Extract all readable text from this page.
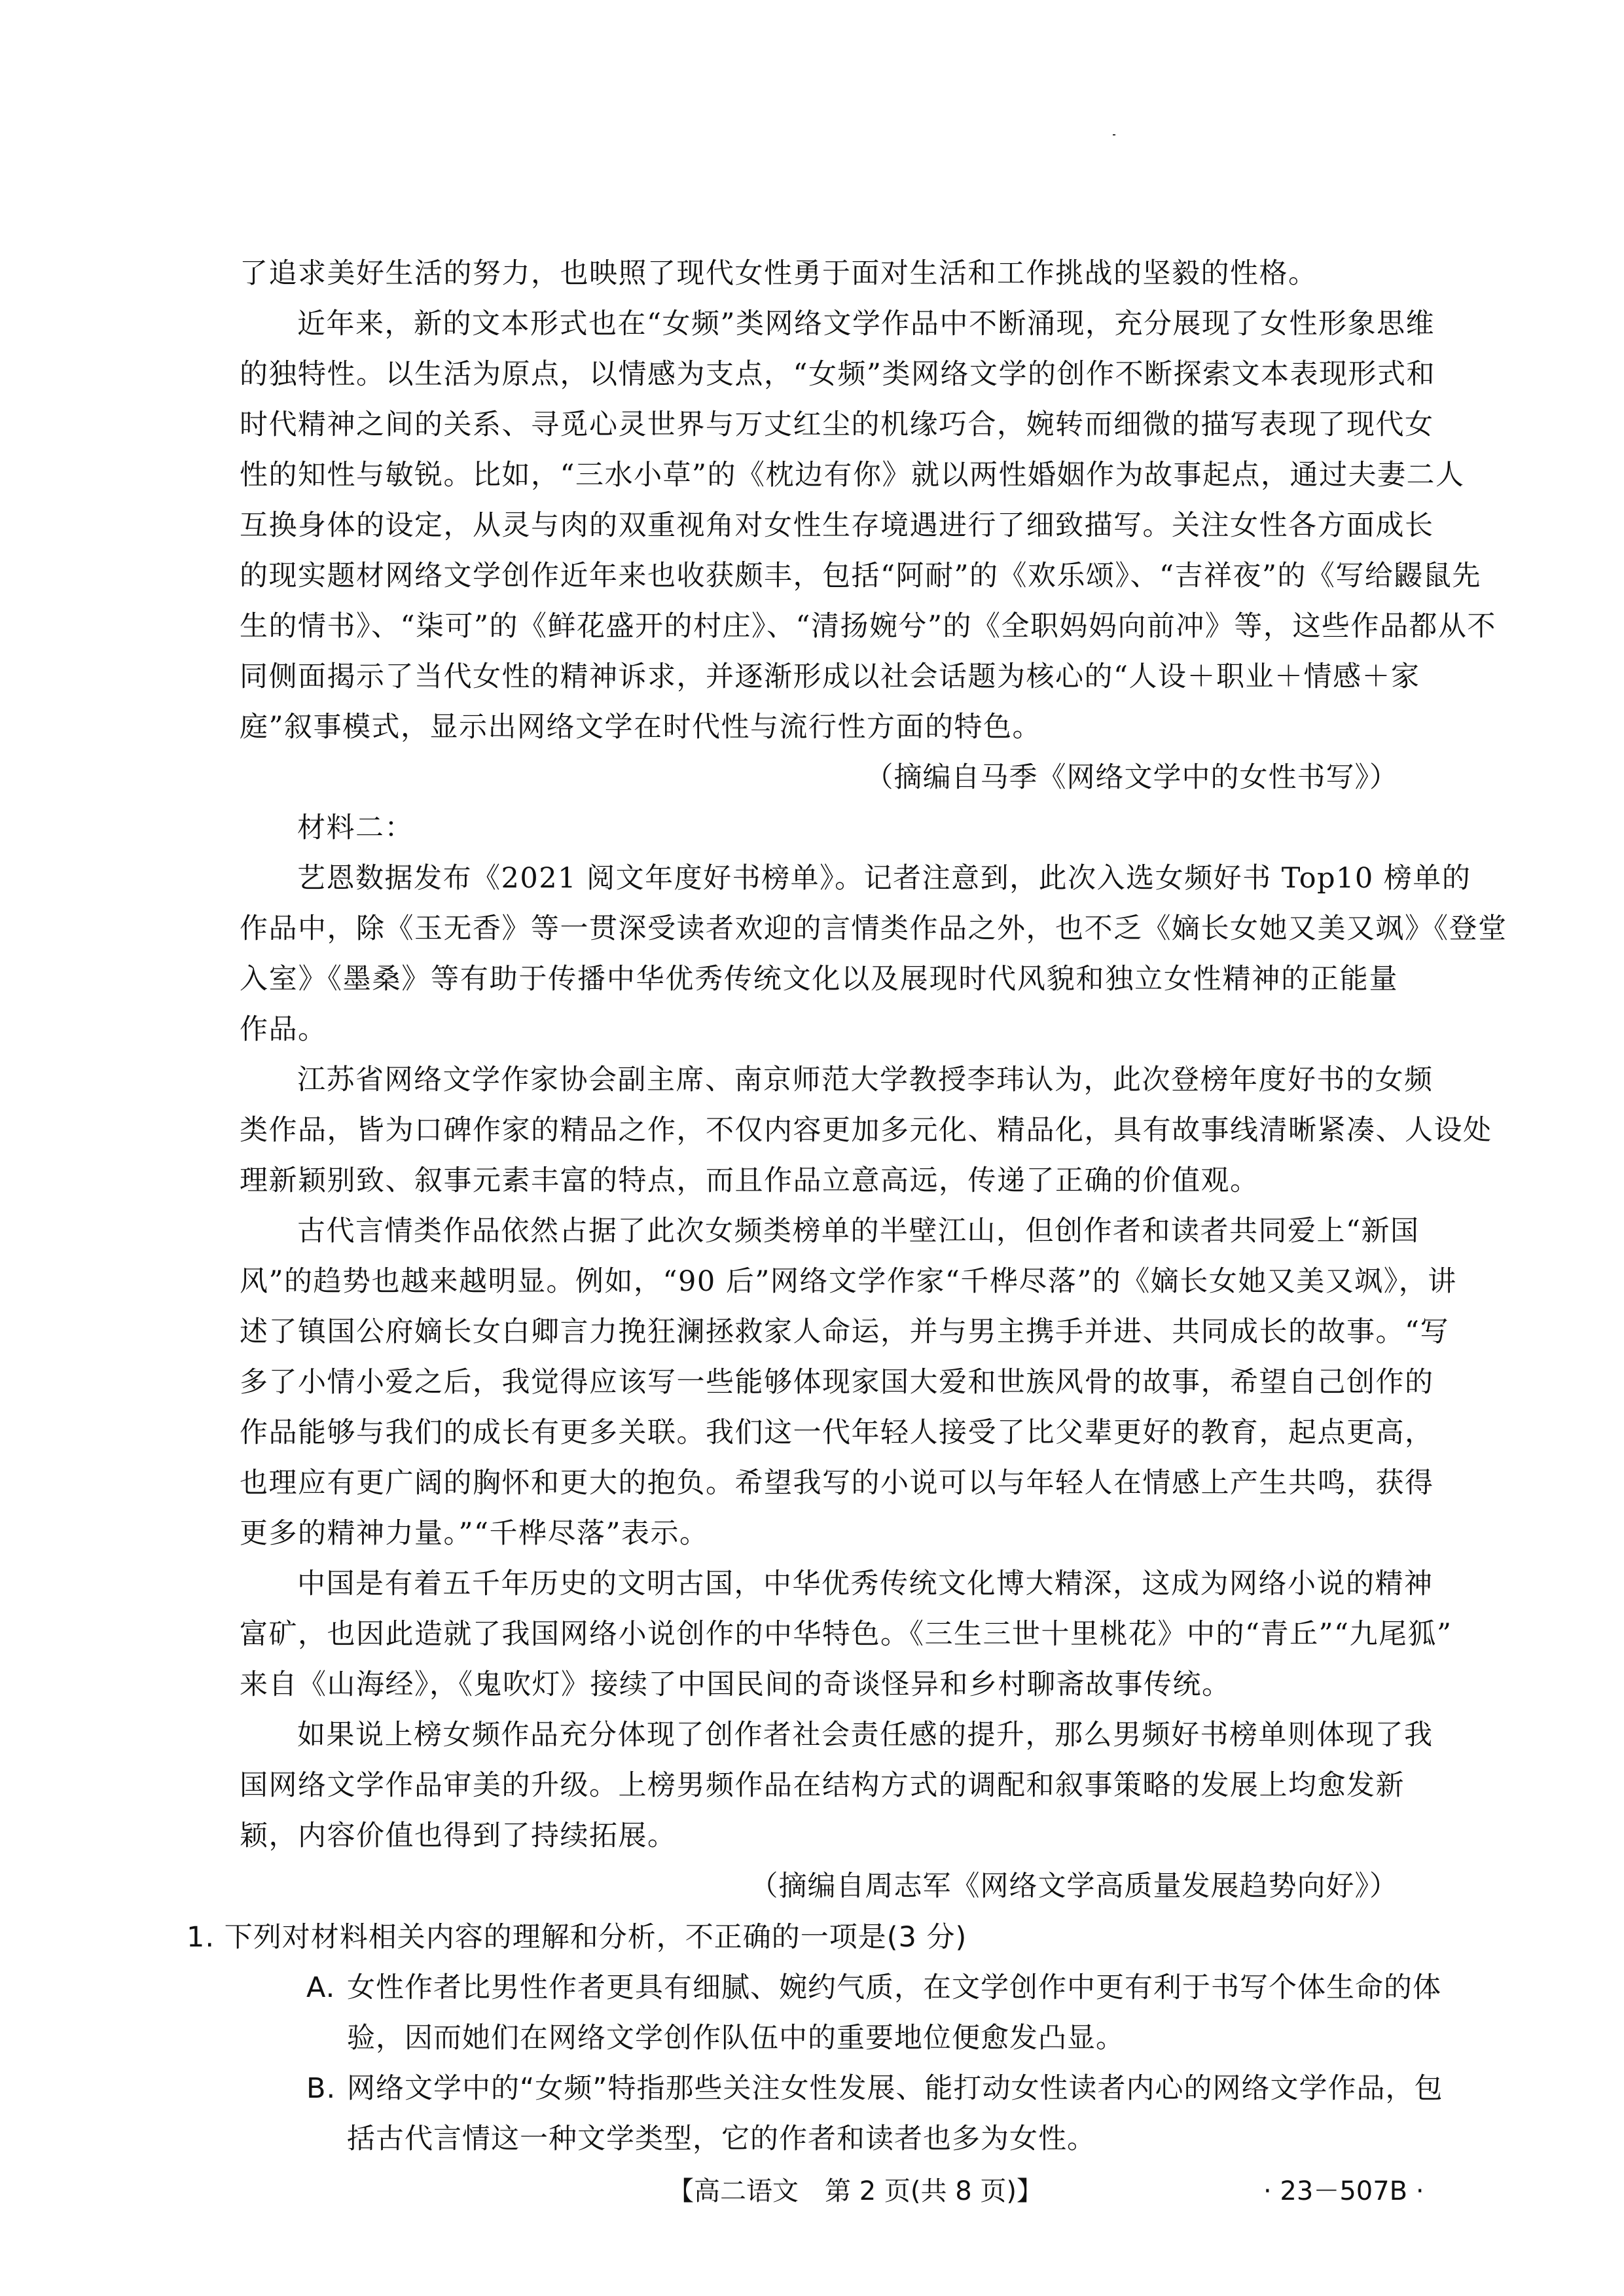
了追求美好生活的努力，也映照了现代女性勇于面对生活和工作挑战的坚毅的性格。
近年来，新的文本形式也在“女频”类网络文学作品中不断涌现，充分展现了女性形象思维
的独特性。以生活为原点，以情感为支点，“女频”类网络文学的创作不断探索文本表现形式和
时代精神之间的关系、寻觅心灵世界与万丈红尘的机缘巧合，婉转而细微的描写表现了现代女
性的知性与敏锐。比如，“三水小草”的《枕边有你》就以两性婚姻作为故事起点，通过夫妻二人
互换身体的设定，从灵与肉的双重视角对女性生存境遇进行了细致描写。关注女性各方面成长
的现实题材网络文学创作近年来也收获颇丰，包括“阿耐”的《欢乐颂》、“吉祥夜”的《写给鼹鼠先
生的情书》、“柒可”的《鲜花盛开的村庄》、“清扬婉兮”的《全职妈妈向前冲》等，这些作品都从不
同侧面揭示了当代女性的精神诉求，并逐渐形成以社会话题为核心的“人设＋职业＋情感＋家
庭”叙事模式，显示出网络文学在时代性与流行性方面的特色。
（摘编自马季《网络文学中的女性书写》）
材料二：
艺恩数据发布《2021 阅文年度好书榜单》。记者注意到，此次入选女频好书 Top10 榜单的
作品中，除《玉无香》等一贯深受读者欢迎的言情类作品之外，也不乏《嫡长女她又美又飒》《登堂
入室》《墨桑》等有助于传播中华优秀传统文化以及展现时代风貌和独立女性精神的正能量
作品。
江苏省网络文学作家协会副主席、南京师范大学教授李玮认为，此次登榜年度好书的女频
类作品，皆为口碑作家的精品之作，不仅内容更加多元化、精品化，具有故事线清晰紧凑、人设处
理新颖别致、叙事元素丰富的特点，而且作品立意高远，传递了正确的价值观。
古代言情类作品依然占据了此次女频类榜单的半壁江山，但创作者和读者共同爱上“新国
风”的趋势也越来越明显。例如，“90 后”网络文学作家“千桦尽落”的《嫡长女她又美又飒》，讲
述了镇国公府嫡长女白卿言力挽狂澜拯救家人命运，并与男主携手并进、共同成长的故事。“写
多了小情小爱之后，我觉得应该写一些能够体现家国大爱和世族风骨的故事，希望自己创作的
作品能够与我们的成长有更多关联。我们这一代年轻人接受了比父辈更好的教育，起点更高，
也理应有更广阔的胸怀和更大的抱负。希望我写的小说可以与年轻人在情感上产生共鸣，获得
更多的精神力量。”“千桦尽落”表示。
中国是有着五千年历史的文明古国，中华优秀传统文化博大精深，这成为网络小说的精神
富矿，也因此造就了我国网络小说创作的中华特色。《三生三世十里桃花》中的“青丘”“九尾狐”
来自《山海经》，《鬼吹灯》接续了中国民间的奇谈怪异和乡村聊斋故事传统。
如果说上榜女频作品充分体现了创作者社会责任感的提升，那么男频好书榜单则体现了我
国网络文学作品审美的升级。上榜男频作品在结构方式的调配和叙事策略的发展上均愈发新
颖，内容价值也得到了持续拓展。
（摘编自周志军《网络文学高质量发展趋势向好》）
1. 下列对材料相关内容的理解和分析，不正确的一项是(3 分)
A. 女性作者比男性作者更具有细腻、婉约气质，在文学创作中更有利于书写个体生命的体
验，因而她们在网络文学创作队伍中的重要地位便愈发凸显。
B. 网络文学中的“女频”特指那些关注女性发展、能打动女性读者内心的网络文学作品，包
括古代言情这一种文学类型，它的作者和读者也多为女性。
【高二语文　第 2 页(共 8 页)】	· 23－507B ·
